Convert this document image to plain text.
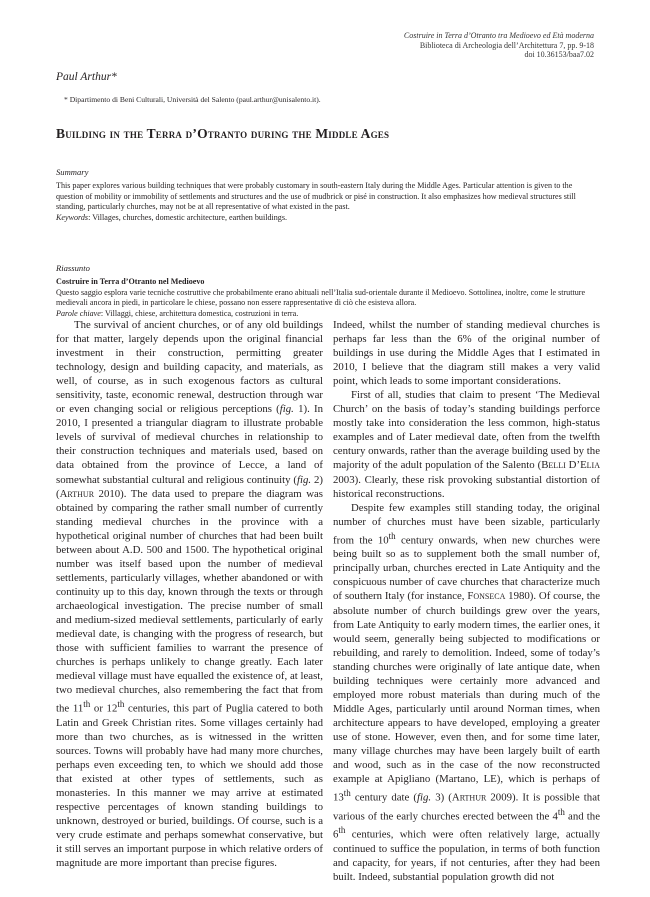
Costruire in Terra d’Otranto tra Medioevo ed Età moderna
Biblioteca di Archeologia dell’Architettura 7, pp. 9-18
doi 10.36153/baa7.02
Paul Arthur*
* Dipartimento di Beni Culturali, Università del Salento (paul.arthur@unisalento.it).
Building in the Terra d’Otranto during the Middle Ages
Summary
This paper explores various building techniques that were probably customary in south-eastern Italy during the Middle Ages. Particular attention is given to the question of mobility or immobility of settlements and structures and the use of mudbrick or pisé in construction. It also emphasizes how medieval structures still standing, particularly churches, may not be at all representative of what existed in the past.
Keywords: Villages, churches, domestic architecture, earthen buildings.
Riassunto
Costruire in Terra d’Otranto nel Medioevo
Questo saggio esplora varie tecniche costruttive che probabilmente erano abituali nell’Italia sud-orientale durante il Medioevo. Sottolinea, inoltre, come le strutture medievali ancora in piedi, in particolare le chiese, possano non essere rappresentative di ciò che esisteva allora.
Parole chiave: Villaggi, chiese, architettura domestica, costruzioni in terra.

The survival of ancient churches, or of any old buildings for that matter, largely depends upon the original financial investment in their construction, permitting greater technology, design and building capacity, and materials, as well, of course, as in such exogenous factors as cultural sensitivity, taste, economic renewal, destruction through war or even changing social or religious perceptions (fig. 1). In 2010, I presented a triangular diagram to illustrate probable levels of survival of medieval churches in relationship to their construction techniques and materials used, based on data obtained from the province of Lecce, a land of somewhat substantial cultural and religious continuity (fig. 2) (Arthur 2010). The data used to prepare the diagram was obtained by comparing the rather small number of currently standing medieval churches in the province with a hypothetical original number of churches that had been built between about A.D. 500 and 1500. The hypothetical original number was itself based upon the number of medieval settlements, particularly villages, whether abandoned or with continuity up to this day, known through the texts or through archaeological investigation. The precise number of small and medium-sized medieval settlements, particularly of early medieval date, is changing with the progress of research, but those with sufficient families to warrant the presence of churches is perhaps unlikely to change greatly. Each later medieval village must have equalled the existence of, at least, two medieval churches, also remembering the fact that from the 11th or 12th centuries, this part of Puglia catered to both Latin and Greek Christian rites. Some villages certainly had more than two churches, as is witnessed in the written sources. Towns will probably have had many more churches, perhaps even exceeding ten, to which we should add those that existed at other types of settlements, such as monasteries. In this manner we may arrive at estimated respective percentages of known standing buildings to unknown, destroyed or buried, buildings. Of course, such is a very crude estimate and perhaps somewhat conservative, but it still serves an important purpose in which relative orders of magnitude are more important than precise figures.

Indeed, whilst the number of standing medieval churches is perhaps far less than the 6% of the original number of buildings in use during the Middle Ages that I estimated in 2010, I believe that the diagram still makes a very valid point, which leads to some important considerations.

First of all, studies that claim to present ‘The Medieval Church’ on the basis of today’s standing buildings perforce mostly take into consideration the less common, high-status examples and of Later medieval date, often from the twelfth century onwards, rather than the average building used by the majority of the adult population of the Salento (Belli D’Elia 2003). Clearly, these risk provoking substantial distortion of historical reconstructions.

Despite few examples still standing today, the original number of churches must have been sizable, particularly from the 10th century onwards, when new churches were being built so as to supplement both the small number of, principally urban, churches erected in Late Antiquity and the conspicuous number of cave churches that characterize much of southern Italy (for instance, Fonseca 1980). Of course, the absolute number of church buildings grew over the years, from Late Antiquity to early modern times, the earlier ones, it would seem, generally being subjected to modifications or rebuilding, and rarely to demolition. Indeed, some of today’s standing churches were originally of late antique date, when building techniques were certainly more advanced and employed more robust materials than during much of the Middle Ages, particularly until around Norman times, when architecture appears to have developed, employing a greater use of stone. However, even then, and for some time later, many village churches may have been largely built of earth and wood, such as in the case of the now reconstructed example at Apigliano (Martano, LE), which is perhaps of 13th century date (fig. 3) (Arthur 2009). It is possible that various of the early churches erected between the 4th and the 6th centuries, which were often relatively large, actually continued to suffice the population, in terms of both function and capacity, for years, if not centuries, after they had been built. Indeed, substantial population growth did not
